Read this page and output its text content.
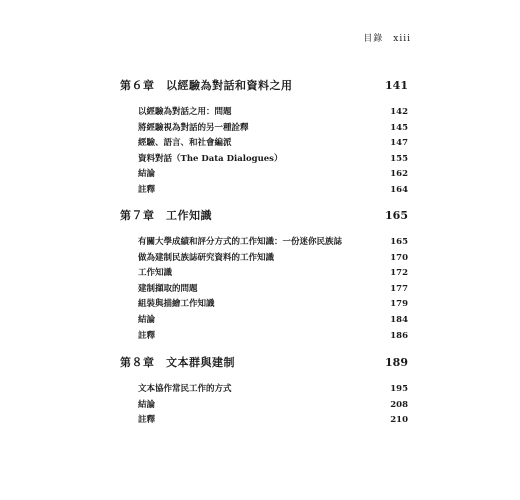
目錄　xiii
第６章　以經驗為對話和資料之用	141
以經驗為對話之用：問題	142
將經驗視為對話的另一種詮釋	145
經驗、語言、和社會編派	147
資料對話（The Data Dialogues）	155
結論	162
註釋	164
第７章　工作知識	165
有關大學成績和評分方式的工作知識：一份迷你民族誌	165
做為建制民族誌研究資料的工作知識	170
工作知識	172
建制擷取的問題	177
組裝與描繪工作知識	179
結論	184
註釋	186
第８章　文本群與建制	189
文本協作常民工作的方式	195
結論	208
註釋	210
